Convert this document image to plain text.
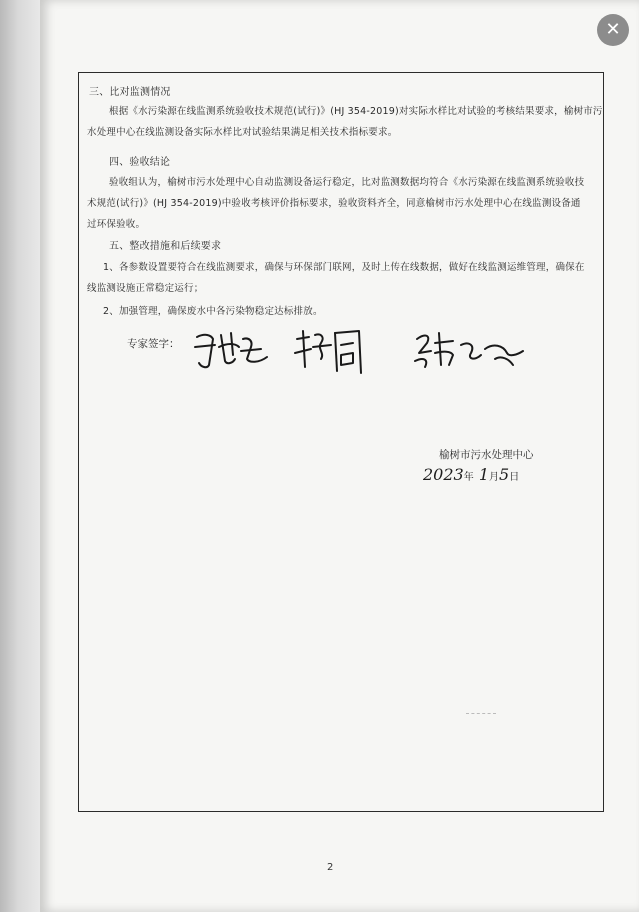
三、比对监测情况
根据《水污染源在线监测系统验收技术规范(试行)》(HJ 354-2019)对实际水样比对试验的考核结果要求，榆树市污
水处理中心在线监测设备实际水样比对试验结果满足相关技术指标要求。
四、验收结论
验收组认为，榆树市污水处理中心自动监测设备运行稳定，比对监测数据均符合《水污染源在线监测系统验收技
术规范(试行)》(HJ 354-2019)中验收考核评价指标要求，验收资料齐全，同意榆树市污水处理中心在线监测设备通
过环保验收。
五、整改措施和后续要求
1、各参数设置要符合在线监测要求，确保与环保部门联网，及时上传在线数据，做好在线监测运维管理，确保在
线监测设施正常稳定运行；
2、加强管理，确保废水中各污染物稳定达标排放。
专家签字：
榆树市污水处理中心
2023年 1月5日
2
✕
